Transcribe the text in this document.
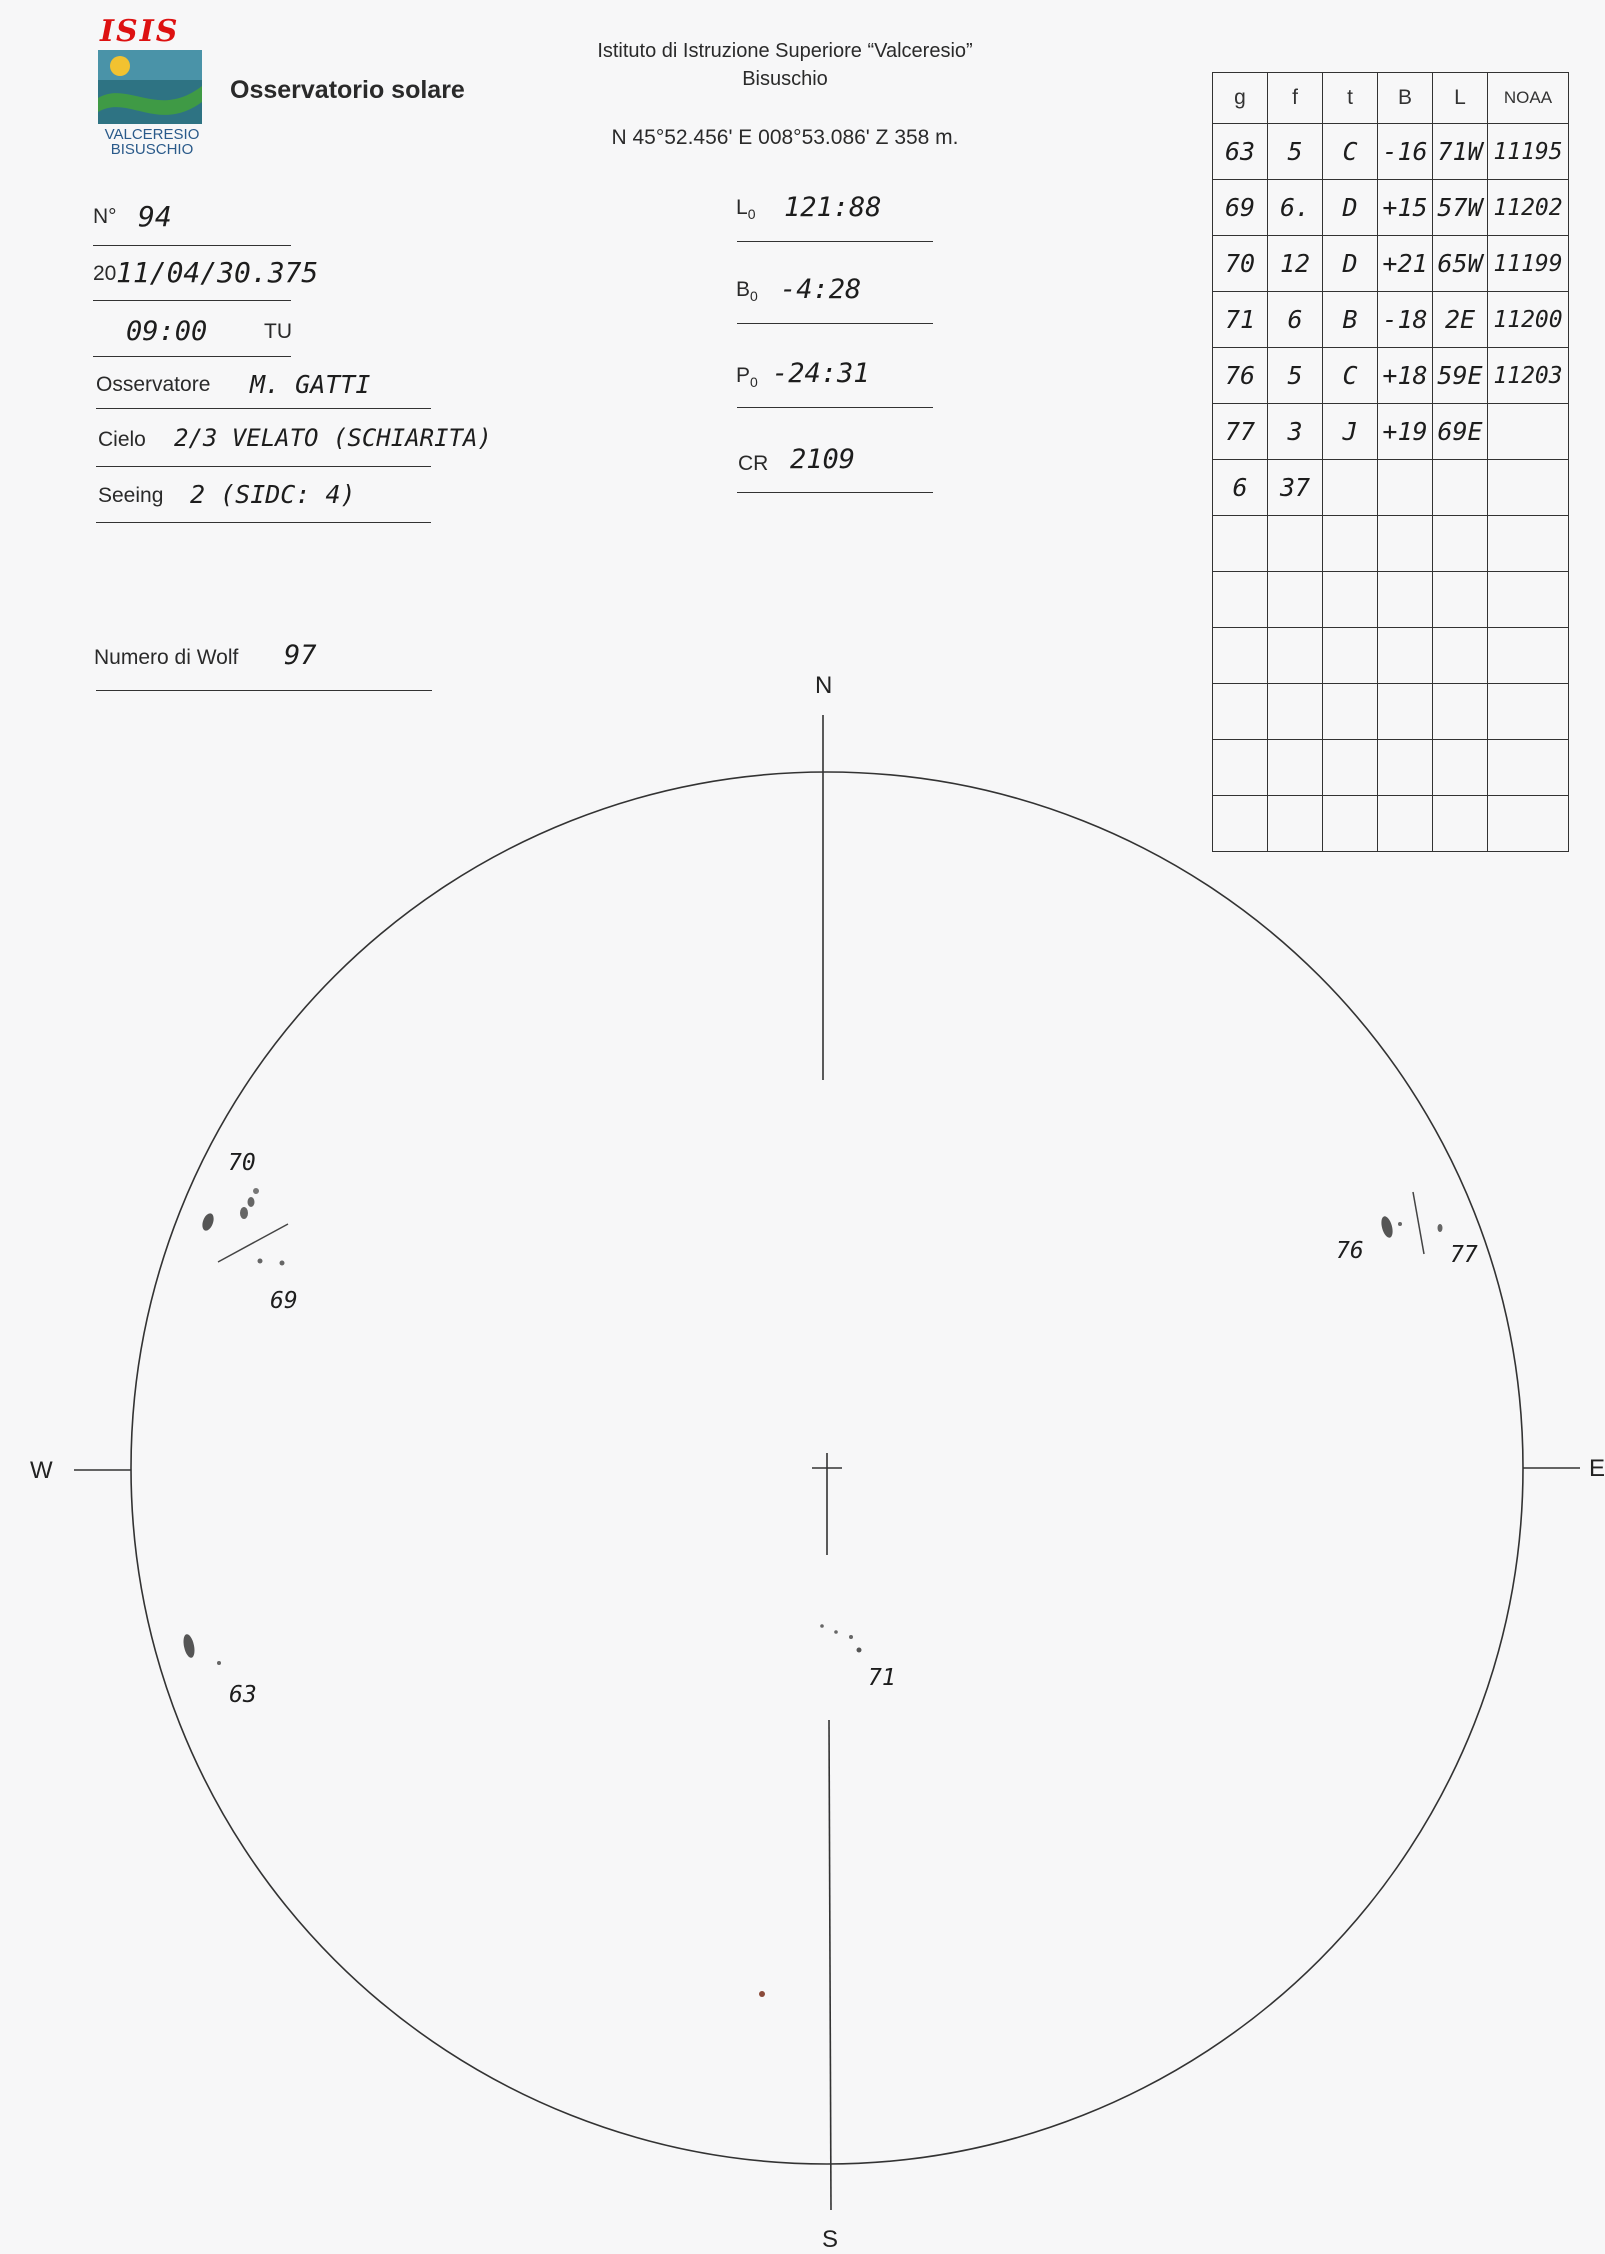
ISIS
VALCERESIO
BISUSCHIO
Osservatorio solare
Istituto di Istruzione Superiore “Valceresio”
Bisuschio
N 45°52.456' E 008°53.086' Z 358 m.
N° 94
20 11/04/30.375
09:00	TU
Osservatore M. GATTI
Cielo 2/3 VELATO (SCHIARITA)
Seeing 2 (SIDC: 4)
Numero di Wolf 97
$L_0$ 121:88
$B_0$ -4:28
$P_0$ -24:31
CR 2109
g	f	t	B	L	NOAA
63	5	C	-16	71W	11195
69	6.	D	+15	57W	11202
70	12	D	+21	65W	11199
71	6	B	-18	2E	11200
76	5	C	+18	59E	11203
77	3	J	+19	69E	
6	37				

N
S
W	E
70
69
63
71
76	77
